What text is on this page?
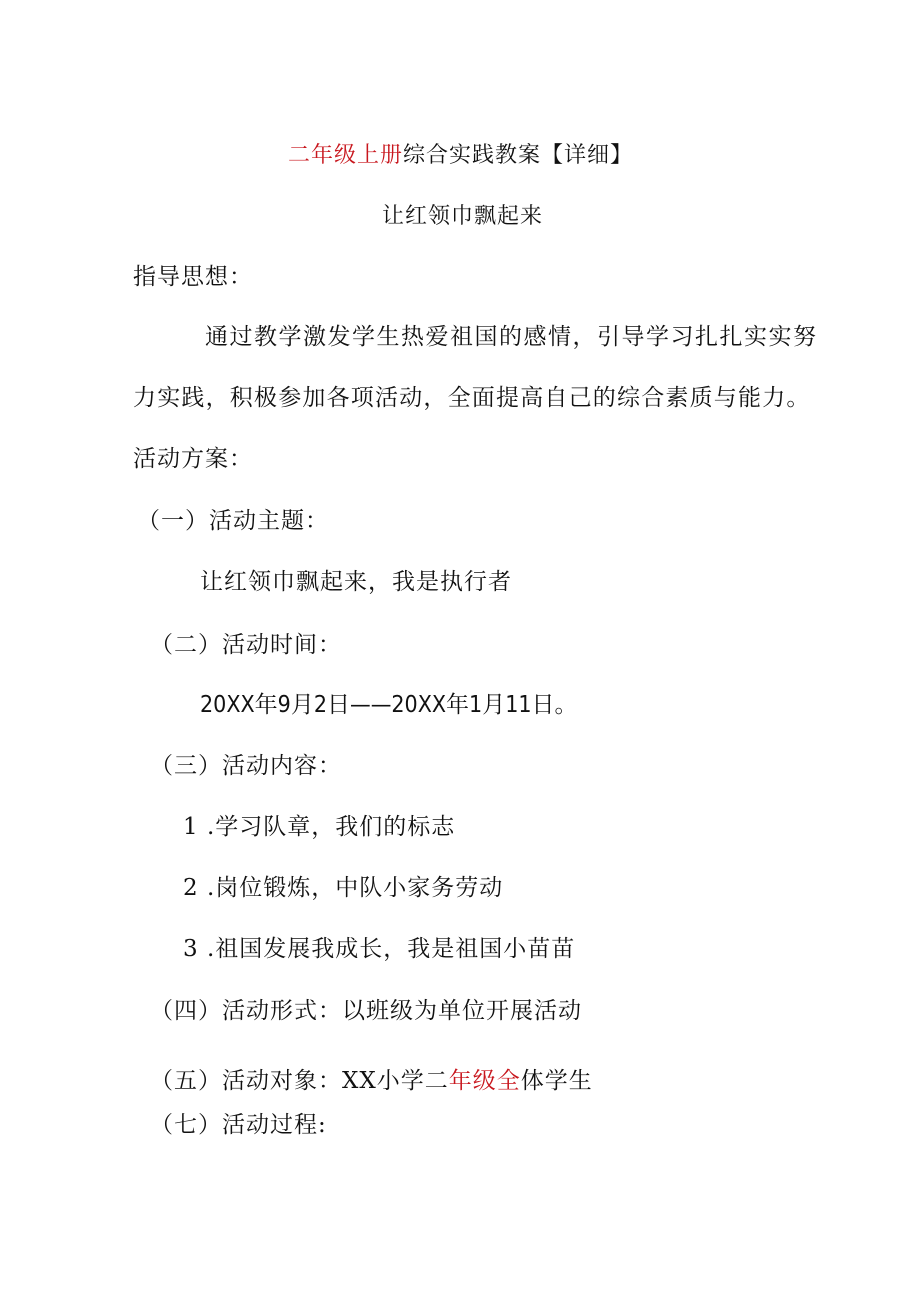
二年级上册综合实践教案【详细】
让红领巾飘起来
指导思想：
通过教学激发学生热爱祖国的感情，引导学习扎扎实实努
力实践，积极参加各项活动，全面提高自己的综合素质与能力。
活动方案：
（一）活动主题：
让红领巾飘起来，我是执行者
（二）活动时间：
20XX年9月2日——20XX年1月11日。
（三）活动内容：
1 .学习队章，我们的标志
2 .岗位锻炼，中队小家务劳动
3 .祖国发展我成长，我是祖国小苗苗
（四）活动形式：以班级为单位开展活动
（五）活动对象：XX小学二年级全体学生
（七）活动过程:
